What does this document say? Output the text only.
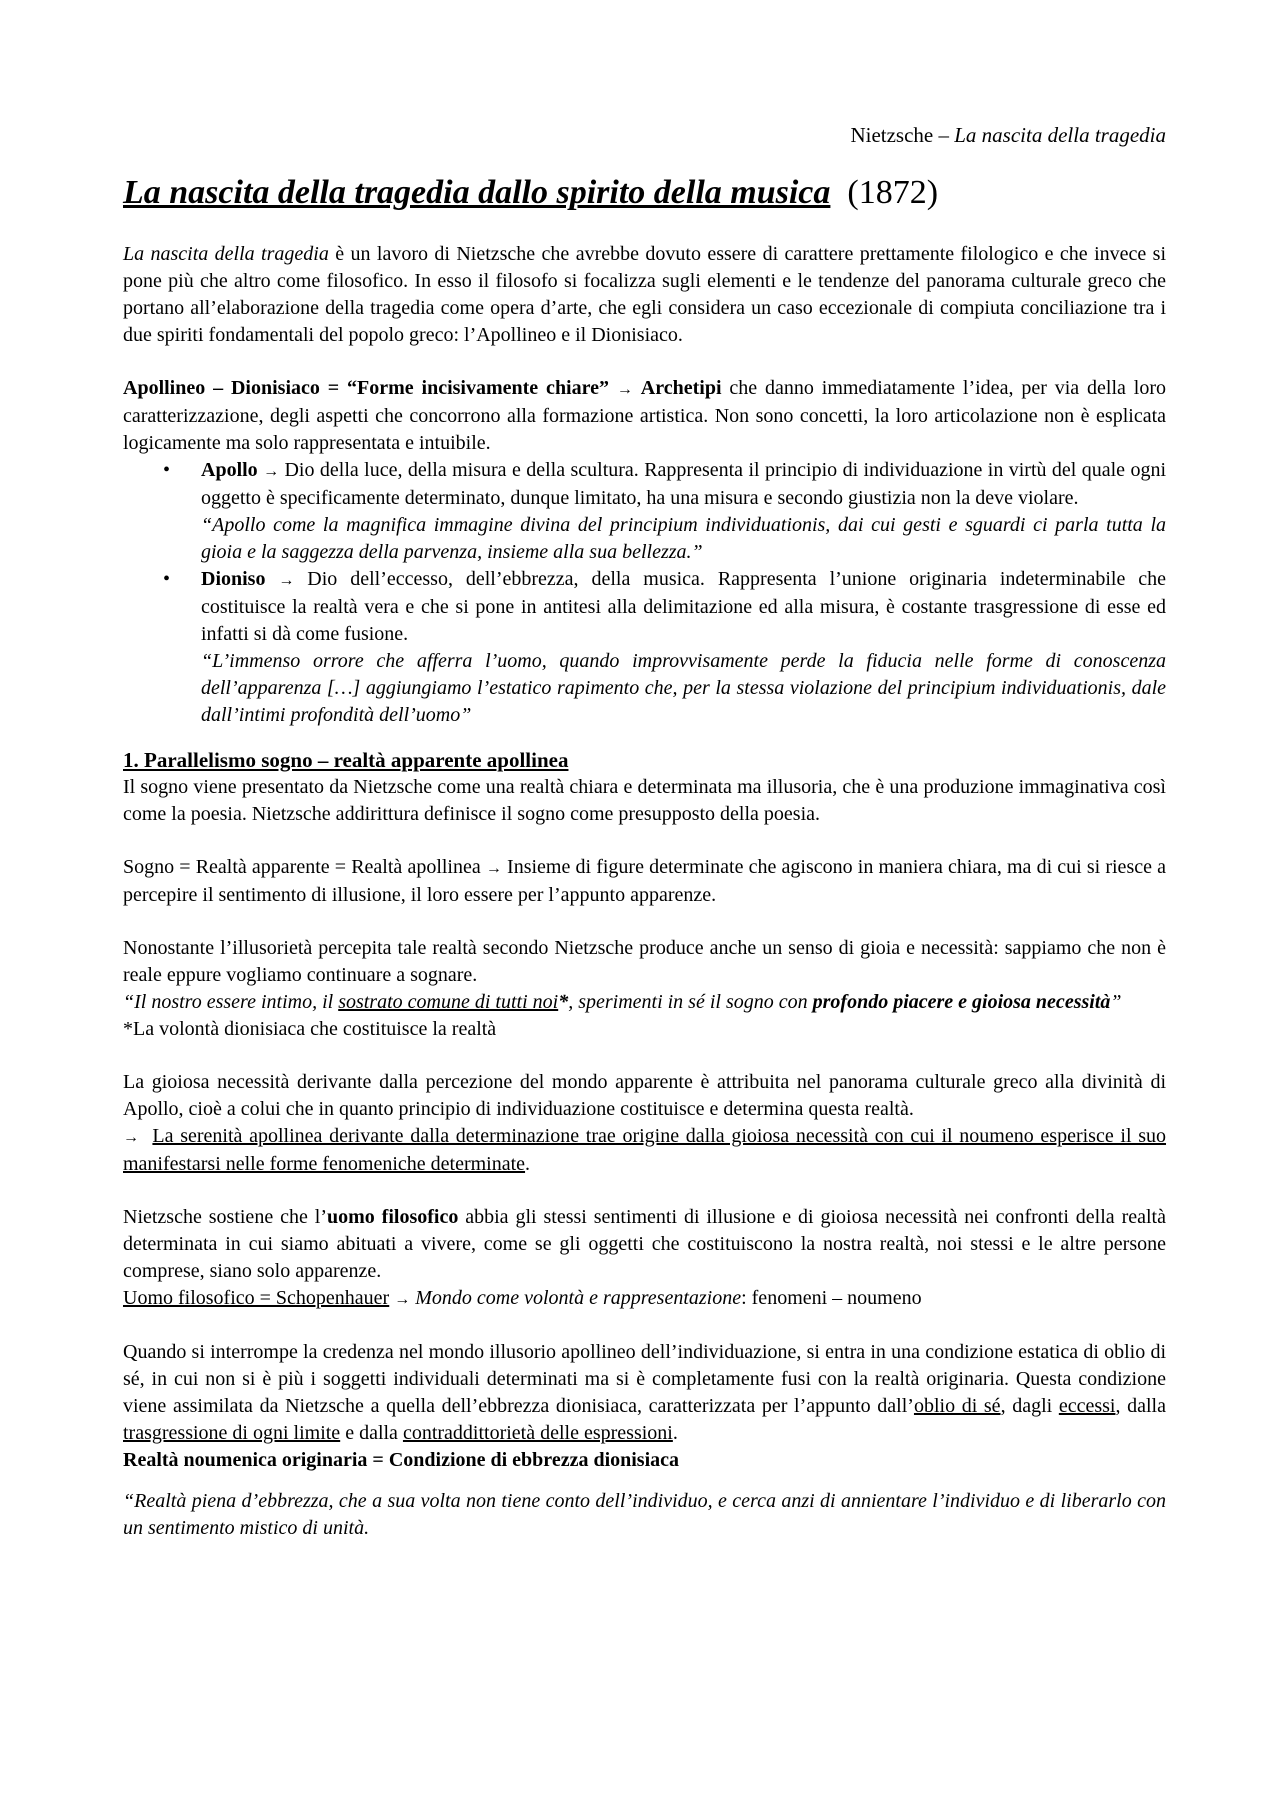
Nietzsche – La nascita della tragedia
La nascita della tragedia dallo spirito della musica (1872)

La nascita della tragedia è un lavoro di Nietzsche che avrebbe dovuto essere di carattere prettamente filologico e che invece si pone più che altro come filosofico. In esso il filosofo si focalizza sugli elementi e le tendenze del panorama culturale greco che portano all’elaborazione della tragedia come opera d’arte, che egli considera un caso eccezionale di compiuta conciliazione tra i due spiriti fondamentali del popolo greco: l’Apollineo e il Dionisiaco.

Apollineo – Dionisiaco = “Forme incisivamente chiare” → Archetipi che danno immediatamente l’idea, per via della loro caratterizzazione, degli aspetti che concorrono alla formazione artistica. Non sono concetti, la loro articolazione non è esplicata logicamente ma solo rappresentata e intuibile.

• Apollo → Dio della luce, della misura e della scultura. Rappresenta il principio di individuazione in virtù del quale ogni oggetto è specificamente determinato, dunque limitato, ha una misura e secondo giustizia non la deve violare.

“Apollo come la magnifica immagine divina del principium individuationis, dai cui gesti e sguardi ci parla tutta la gioia e la saggezza della parvenza, insieme alla sua bellezza.”

• Dioniso → Dio dell’eccesso, dell’ebbrezza, della musica. Rappresenta l’unione originaria indeterminabile che costituisce la realtà vera e che si pone in antitesi alla delimitazione ed alla misura, è costante trasgressione di esse ed infatti si dà come fusione.

“L’immenso orrore che afferra l’uomo, quando improvvisamente perde la fiducia nelle forme di conoscenza dell’apparenza […] aggiungiamo l’estatico rapimento che, per la stessa violazione del principium individuationis, dale dall’intimi profondità dell’uomo”

1. Parallelismo sogno – realtà apparente apollinea

Il sogno viene presentato da Nietzsche come una realtà chiara e determinata ma illusoria, che è una produzione immaginativa così come la poesia. Nietzsche addirittura definisce il sogno come presupposto della poesia.

Sogno = Realtà apparente = Realtà apollinea → Insieme di figure determinate che agiscono in maniera chiara, ma di cui si riesce a percepire il sentimento di illusione, il loro essere per l’appunto apparenze.

Nonostante l’illusorietà percepita tale realtà secondo Nietzsche produce anche un senso di gioia e necessità: sappiamo che non è reale eppure vogliamo continuare a sognare.

“Il nostro essere intimo, il sostrato comune di tutti noi*, sperimenti in sé il sogno con profondo piacere e gioiosa necessità”

*La volontà dionisiaca che costituisce la realtà

La gioiosa necessità derivante dalla percezione del mondo apparente è attribuita nel panorama culturale greco alla divinità di Apollo, cioè a colui che in quanto principio di individuazione costituisce e determina questa realtà.

→ La serenità apollinea derivante dalla determinazione trae origine dalla gioiosa necessità con cui il noumeno esperisce il suo manifestarsi nelle forme fenomeniche determinate.

Nietzsche sostiene che l’uomo filosofico abbia gli stessi sentimenti di illusione e di gioiosa necessità nei confronti della realtà determinata in cui siamo abituati a vivere, come se gli oggetti che costituiscono la nostra realtà, noi stessi e le altre persone comprese, siano solo apparenze.

Uomo filosofico = Schopenhauer → Mondo come volontà e rappresentazione: fenomeni – noumeno

Quando si interrompe la credenza nel mondo illusorio apollineo dell’individuazione, si entra in una condizione estatica di oblio di sé, in cui non si è più i soggetti individuali determinati ma si è completamente fusi con la realtà originaria. Questa condizione viene assimilata da Nietzsche a quella dell’ebbrezza dionisiaca, caratterizzata per l’appunto dall’oblio di sé, dagli eccessi, dalla trasgressione di ogni limite e dalla contraddittorietà delle espressioni.

Realtà noumenica originaria = Condizione di ebbrezza dionisiaca

“Realtà piena d’ebbrezza, che a sua volta non tiene conto dell’individuo, e cerca anzi di annientare l’individuo e di liberarlo con un sentimento mistico di unità.
